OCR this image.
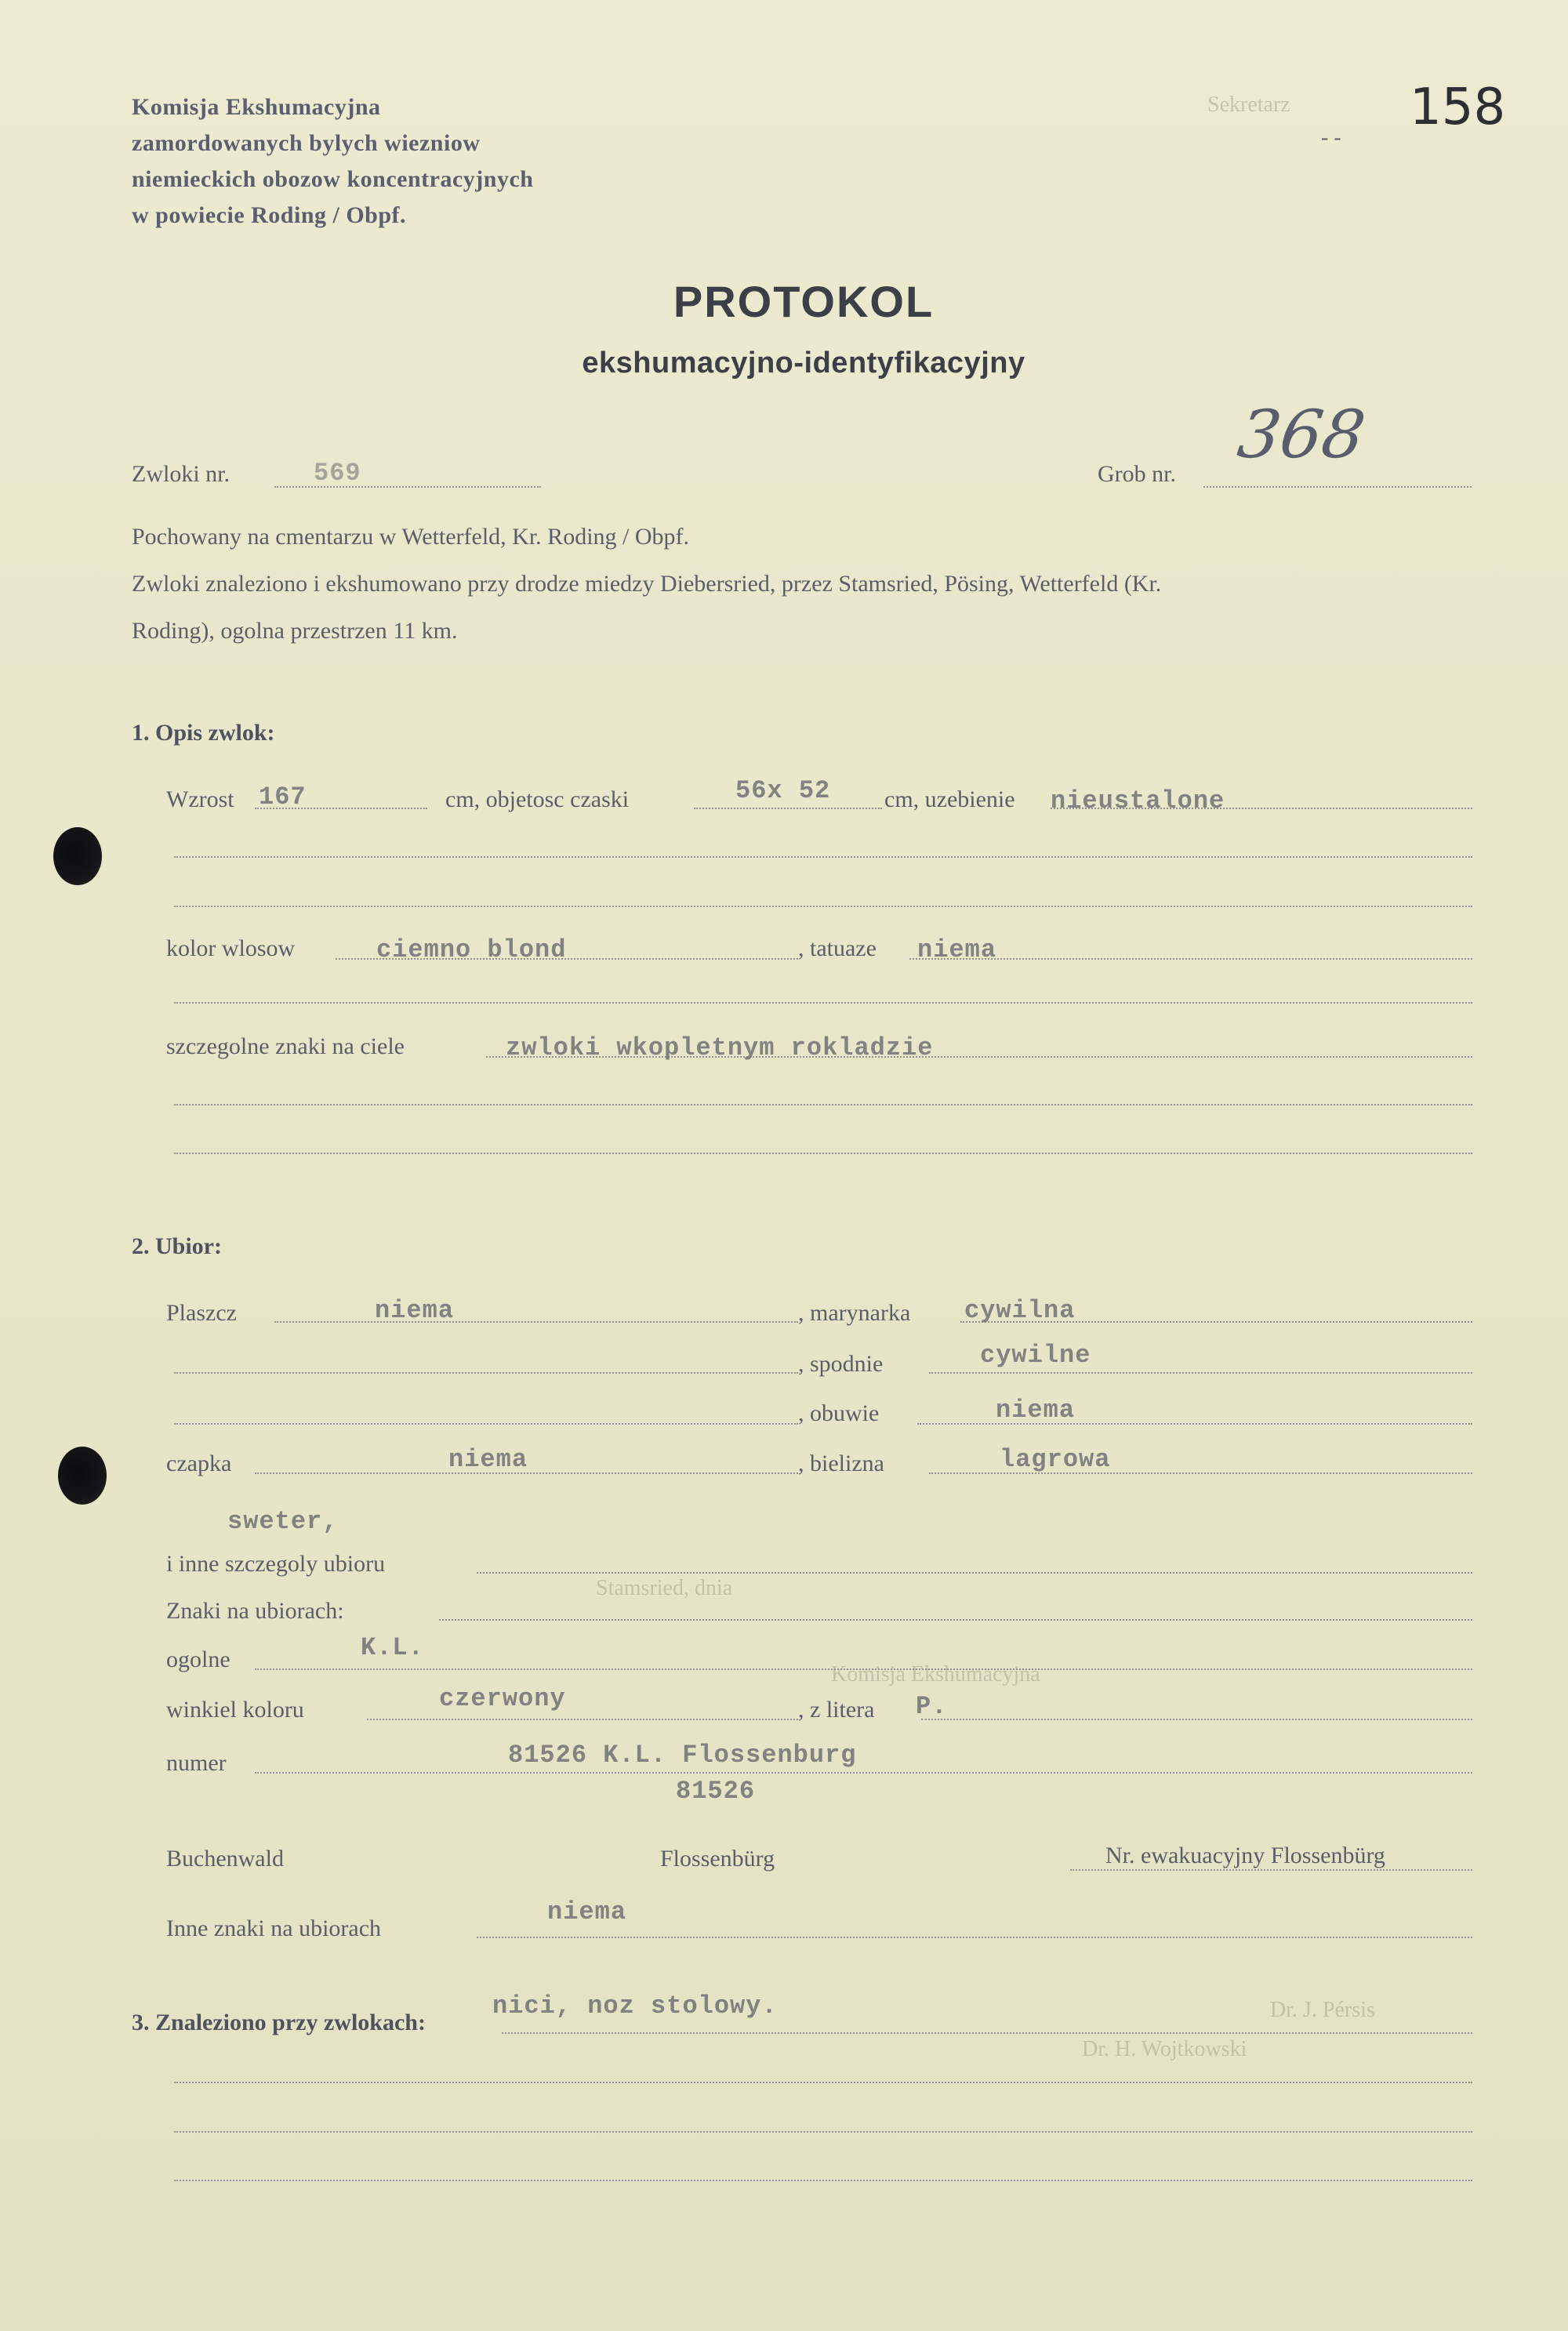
Komisja Ekshumacyjna
zamordowanych bylych wiezniow
niemieckich obozow koncentracyjnych
w powiecie Roding / Obpf.
158
- -
Sekretarz
Stamsried, dnia
Dr. H. Wojtkowski
Komisja Ekshumacyjna
Dr. J. Pérsis
PROTOKOL
ekshumacyjno-identyfikacyjny
Zwloki nr.	569	Grob nr.
368
Pochowany na cmentarzu w Wetterfeld, Kr. Roding / Obpf.
Zwloki znaleziono i ekshumowano przy drodze miedzy Diebersried, przez Stamsried, Pösing, Wetterfeld (Kr.
Roding), ogolna przestrzen 11 km.
1. Opis zwlok:
Wzrost 167	cm, objetosc czaski	56x 52 cm, uzebienie nieustalone
kolor wlosow	ciemno blond	, tatuaze niema
szczegolne znaki na ciele	zwloki wkopletnym rokladzie
2. Ubior:
Plaszcz	niema	, marynarka cywilna
, spodnie	cywilne
, obuwie	niema
czapka	niema	, bielizna	lagrowa
sweter,
i inne szczegoly ubioru
Znaki na ubiorach:
ogolne	K.L.
winkiel koloru	czerwony	, z litera P.
numer	81526 K.L. Flossenburg
81526
Buchenwald	Flossenbürg	Nr. ewakuacyjny Flossenbürg
Inne znaki na ubiorach
niema
nici, noz stolowy.
3. Znaleziono przy zwlokach:
